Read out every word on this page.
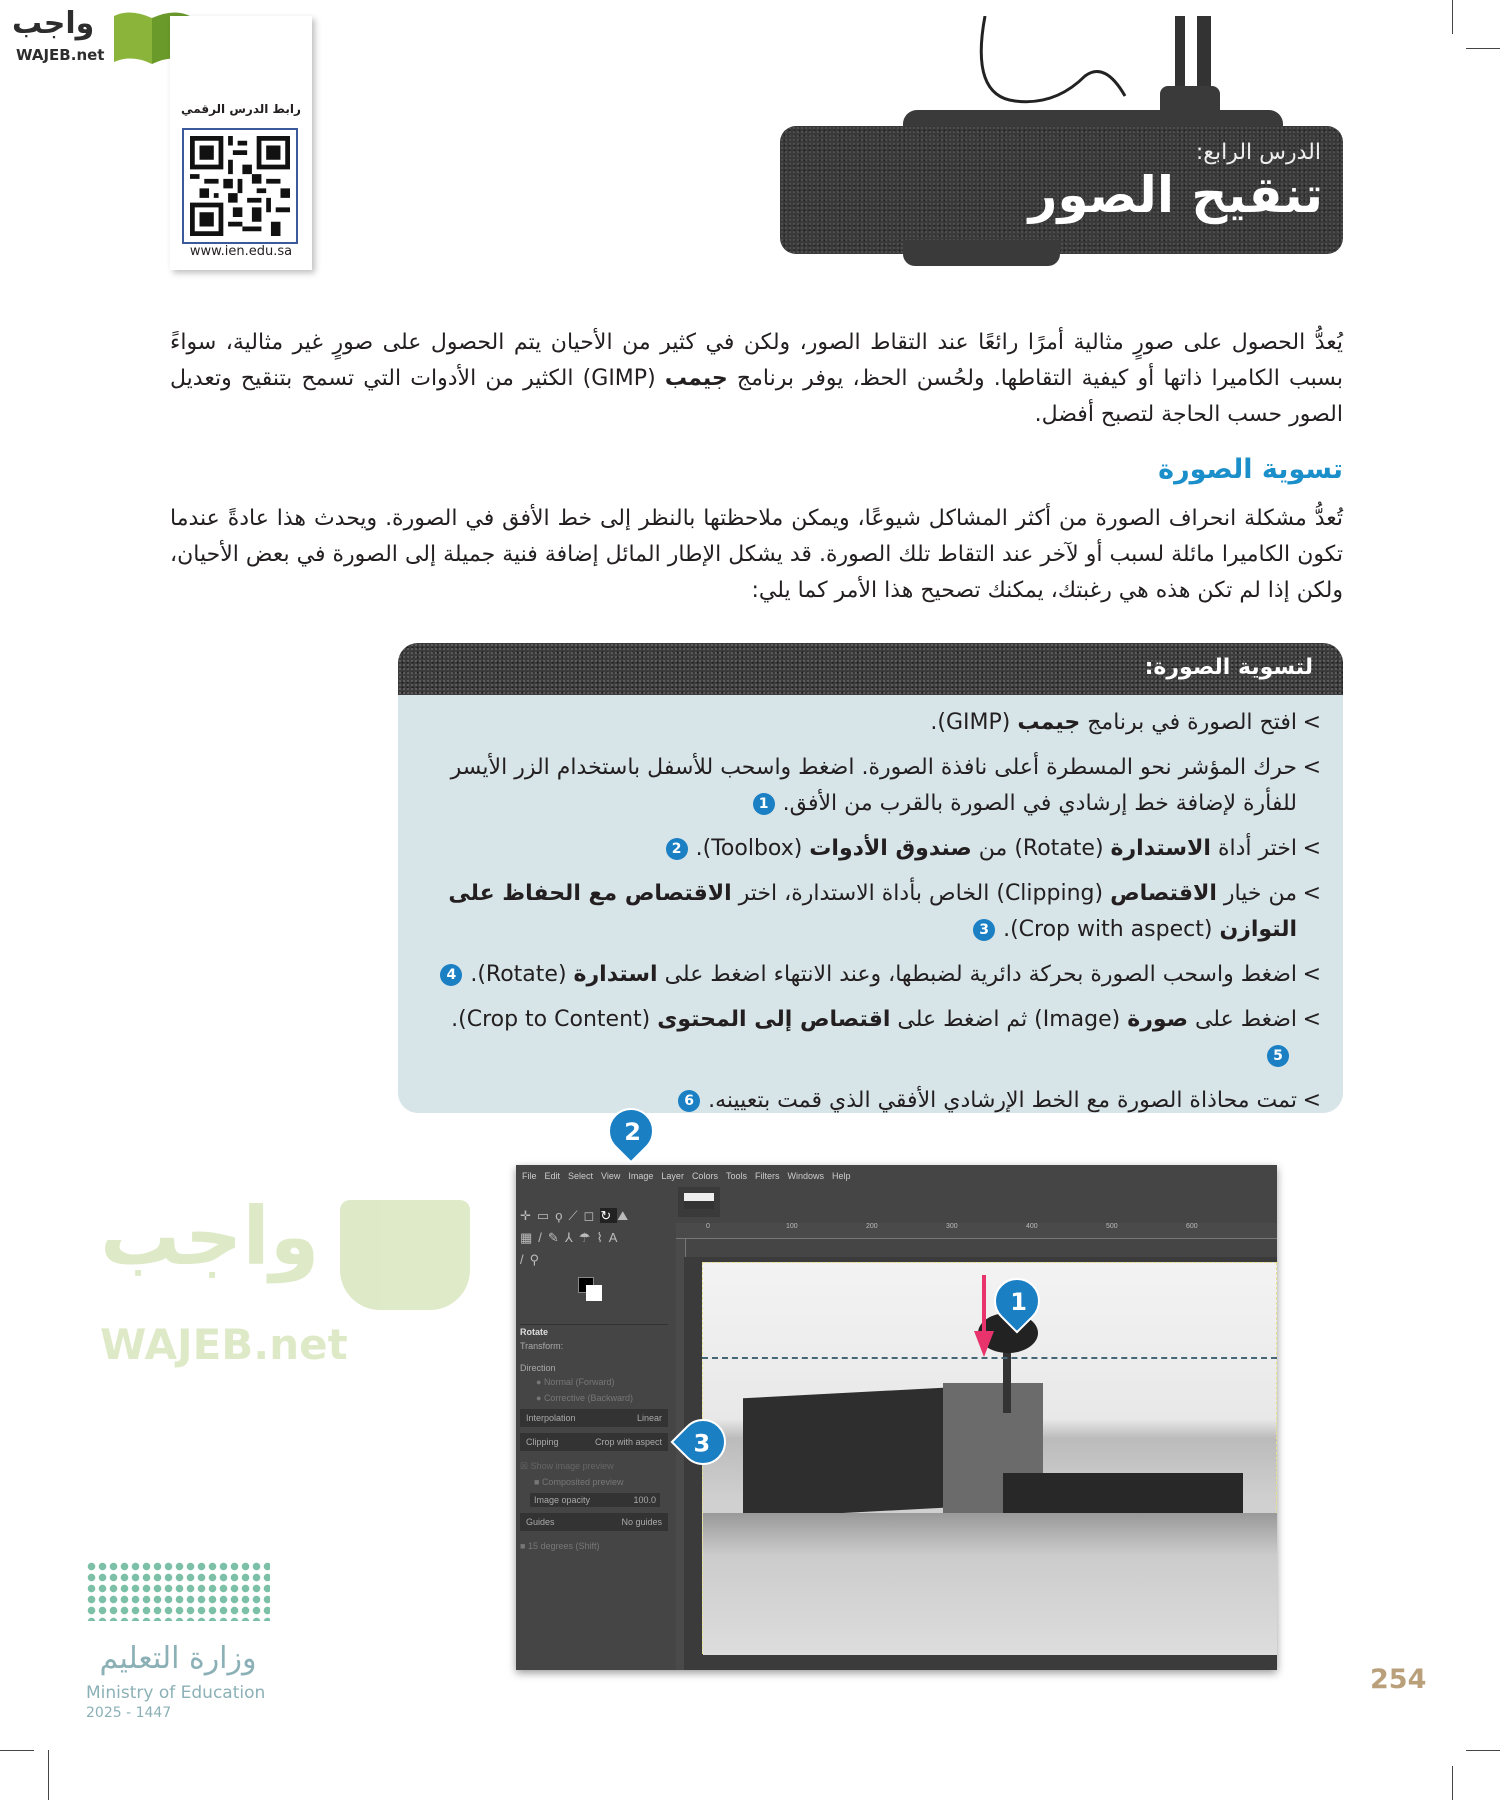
واجب
WAJEB.net
رابط الدرس الرقمي
www.ien.edu.sa
الدرس الرابع:
تنقيح الصور

يُعدُّ الحصول على صورٍ مثالية أمرًا رائعًا عند التقاط الصور، ولكن في كثير من الأحيان يتم الحصول على صورٍ غير مثالية، سواءً بسبب الكاميرا ذاتها أو كيفية التقاطها. ولحُسن الحظ، يوفر برنامج جيمب (GIMP) الكثير من الأدوات التي تسمح بتنقيح وتعديل الصور حسب الحاجة لتصبح أفضل.

تسوية الصورة

تُعدُّ مشكلة انحراف الصورة من أكثر المشاكل شيوعًا، ويمكن ملاحظتها بالنظر إلى خط الأفق في الصورة. ويحدث هذا عادةً عندما تكون الكاميرا مائلة لسبب أو لآخر عند التقاط تلك الصورة. قد يشكل الإطار المائل إضافة فنية جميلة إلى الصورة في بعض الأحيان، ولكن إذا لم تكن هذه هي رغبتك، يمكنك تصحيح هذا الأمر كما يلي:

لتسوية الصورة:
> افتح الصورة في برنامج جيمب (GIMP).
> حرك المؤشر نحو المسطرة أعلى نافذة الصورة. اضغط واسحب للأسفل باستخدام الزر الأيسر للفأرة لإضافة خط إرشادي في الصورة بالقرب من الأفق.1
> اختر أداة الاستدارة (Rotate) من صندوق الأدوات (Toolbox).2
> من خيار الاقتصاص (Clipping) الخاص بأداة الاستدارة، اختر الاقتصاص مع الحفاظ على التوازن (Crop with aspect).3
> اضغط واسحب الصورة بحركة دائرية لضبطها، وعند الانتهاء اضغط على استدارة (Rotate).4
> اضغط على صورة (Image) ثم اضغط على اقتصاص إلى المحتوى (Crop to Content).5
> تمت محاذاة الصورة مع الخط الإرشادي الأفقي الذي قمت بتعيينه.6
واجب
WAJEB.net
File Edit Select View Image Layer Colors Tools Filters Windows Help
✛▭ϙ⟋◻↻⛰
▦/✎⅄☂⌇A
/⚲
Rotate
Transform:
Direction
● Normal (Forward)
● Corrective (Backward)
Interpolation	Linear
Clipping	Crop with aspect
☒ Show image preview
■ Composited preview
Image opacity	100.0
Guides	No guides
■ 15 degrees (Shift)
0	100	200	300	400	500	600
1
3
2
وزارة التعليم
Ministry of Education
2025 - 1447
254
